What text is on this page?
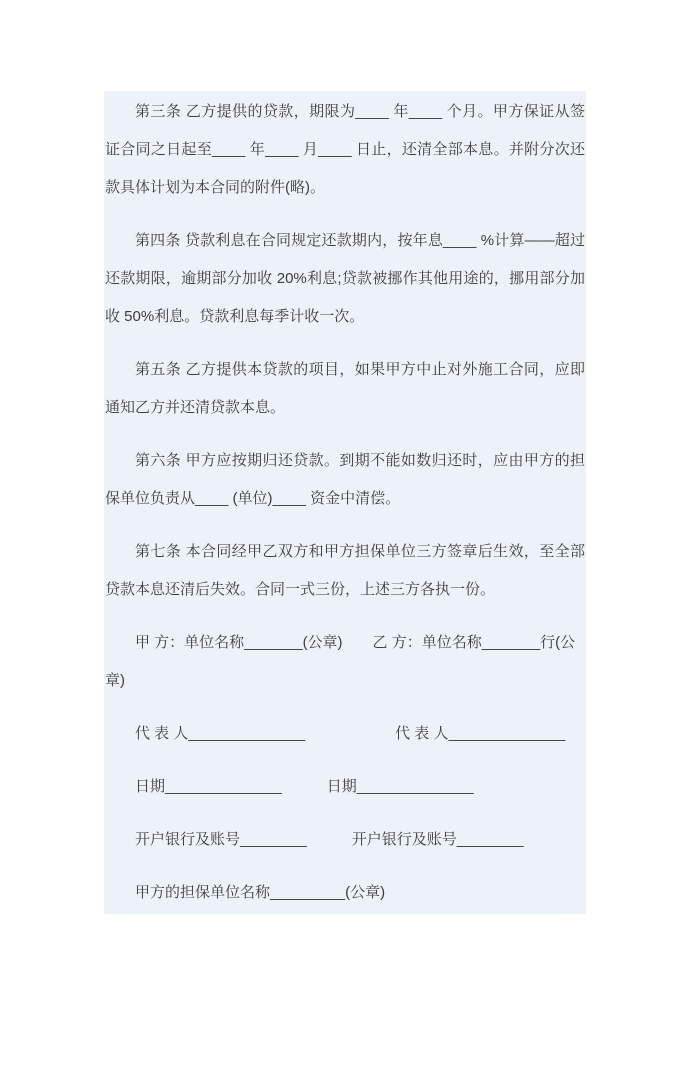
第三条 乙方提供的贷款，期限为____ 年____ 个月。甲方保证从签证合同之日起至____ 年____ 月____ 日止，还清全部本息。并附分次还款具体计划为本合同的附件(略)。

第四条 贷款利息在合同规定还款期内，按年息____ %计算——超过还款期限，逾期部分加收 20%利息;贷款被挪作其他用途的，挪用部分加收 50%利息。贷款利息每季计收一次。

第五条 乙方提供本贷款的项目，如果甲方中止对外施工合同，应即通知乙方并还清贷款本息。

第六条 甲方应按期归还贷款。到期不能如数归还时，应由甲方的担保单位负责从____ (单位)____ 资金中清偿。

第七条 本合同经甲乙双方和甲方担保单位三方签章后生效，至全部贷款本息还清后失效。合同一式三份，上述三方各执一份。

甲 方：单位名称_______(公章)　　乙 方：单位名称_______行(公章)

代 表 人______________　　　　　　代 表 人______________

日期______________　　　日期______________

开户银行及账号________　　　开户银行及账号________

甲方的担保单位名称_________(公章)
